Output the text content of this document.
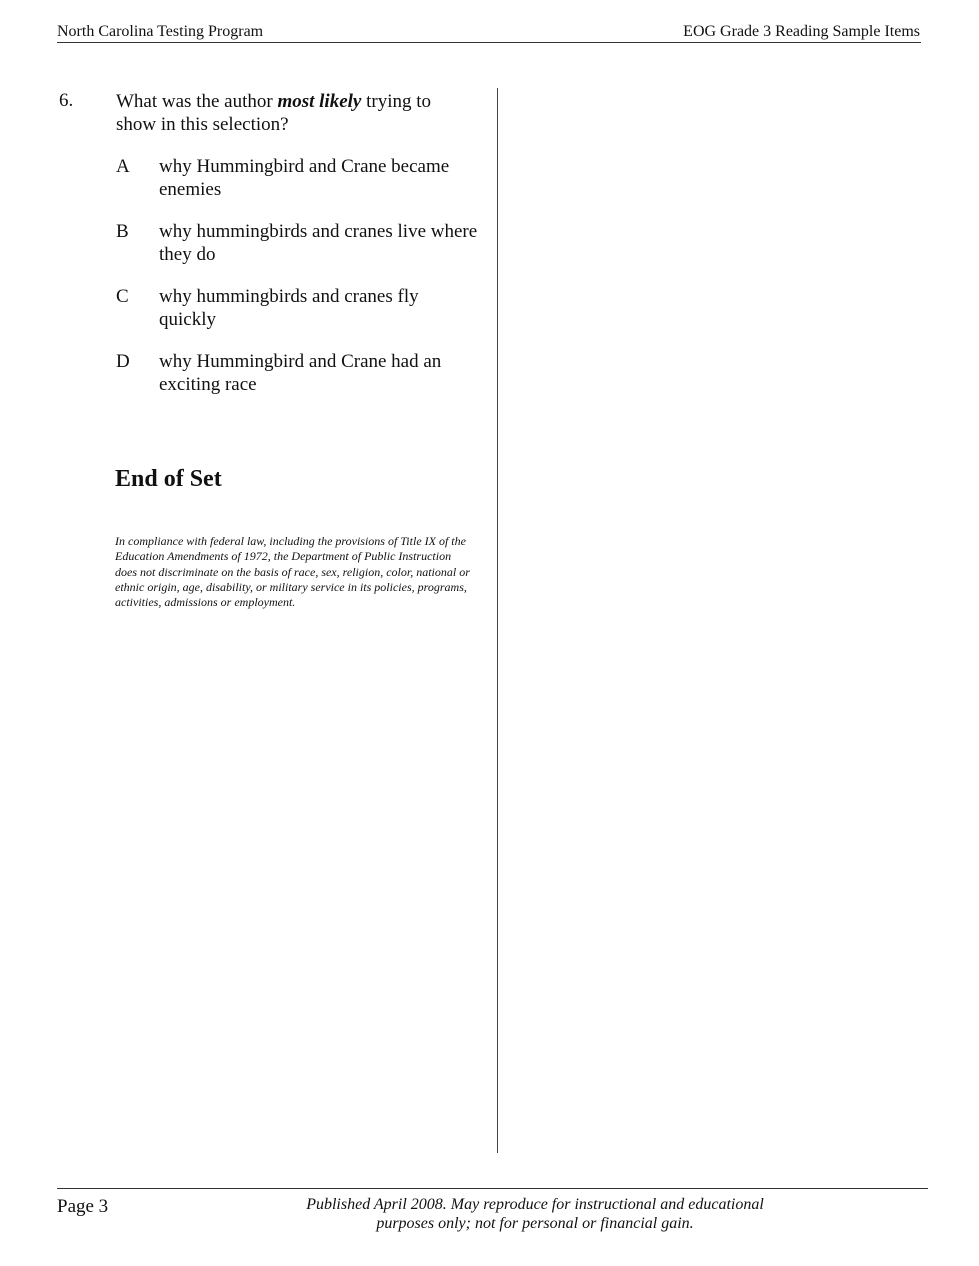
North Carolina Testing Program	EOG Grade 3 Reading Sample Items
6. What was the author most likely trying to show in this selection?
A why Hummingbird and Crane became enemies
B why hummingbirds and cranes live where they do
C why hummingbirds and cranes fly quickly
D why Hummingbird and Crane had an exciting race
End of Set
In compliance with federal law, including the provisions of Title IX of the Education Amendments of 1972, the Department of Public Instruction does not discriminate on the basis of race, sex, religion, color, national or ethnic origin, age, disability, or military service in its policies, programs, activities, admissions or employment.
Page 3	Published April 2008. May reproduce for instructional and educational purposes only; not for personal or financial gain.
